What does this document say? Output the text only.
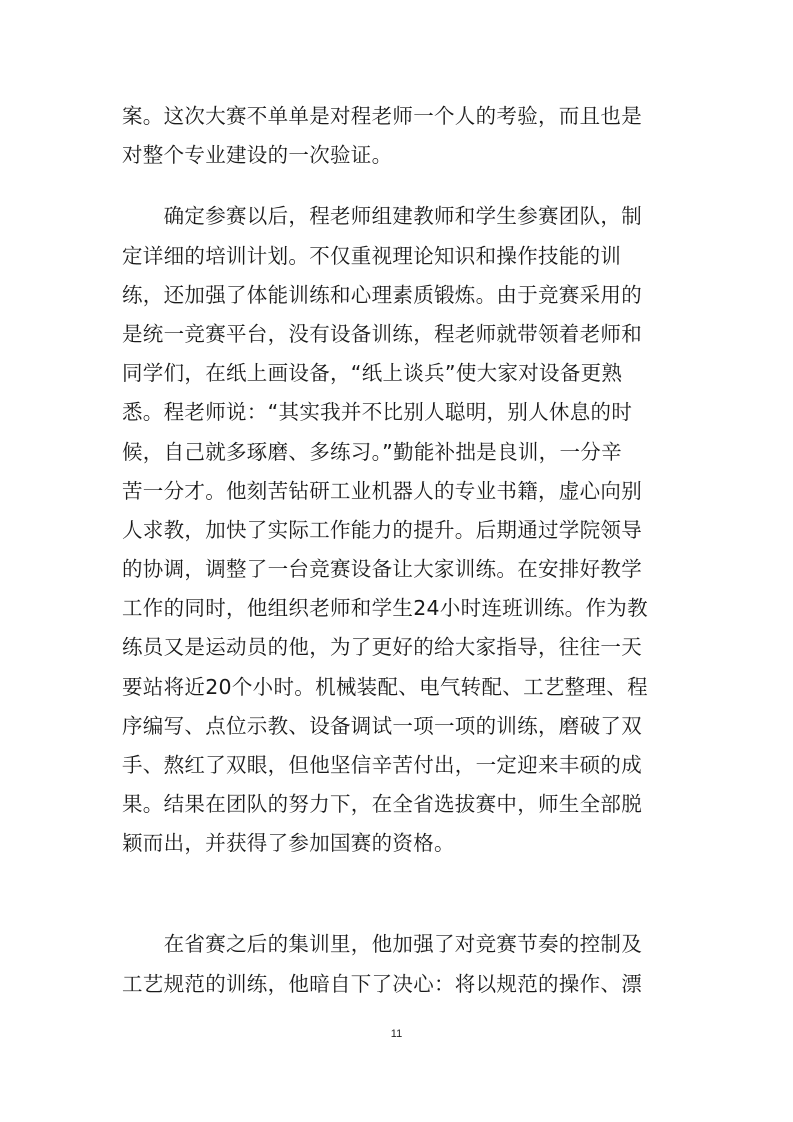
案。这次大赛不单单是对程老师一个人的考验，而且也是
对整个专业建设的一次验证。
　　确定参赛以后，程老师组建教师和学生参赛团队，制
定详细的培训计划。不仅重视理论知识和操作技能的训
练，还加强了体能训练和心理素质锻炼。由于竞赛采用的
是统一竞赛平台，没有设备训练，程老师就带领着老师和
同学们，在纸上画设备，“纸上谈兵”使大家对设备更熟
悉。程老师说：“其实我并不比别人聪明，别人休息的时
候，自己就多琢磨、多练习。”勤能补拙是良训，一分辛
苦一分才。他刻苦钻研工业机器人的专业书籍，虚心向别
人求教，加快了实际工作能力的提升。后期通过学院领导
的协调，调整了一台竞赛设备让大家训练。在安排好教学
工作的同时，他组织老师和学生24小时连班训练。作为教
练员又是运动员的他，为了更好的给大家指导，往往一天
要站将近20个小时。机械装配、电气转配、工艺整理、程
序编写、点位示教、设备调试一项一项的训练，磨破了双
手、熬红了双眼，但他坚信辛苦付出，一定迎来丰硕的成
果。结果在团队的努力下，在全省选拔赛中，师生全部脱
颖而出，并获得了参加国赛的资格。
　　在省赛之后的集训里，他加强了对竞赛节奏的控制及
工艺规范的训练，他暗自下了决心：将以规范的操作、漂
11
